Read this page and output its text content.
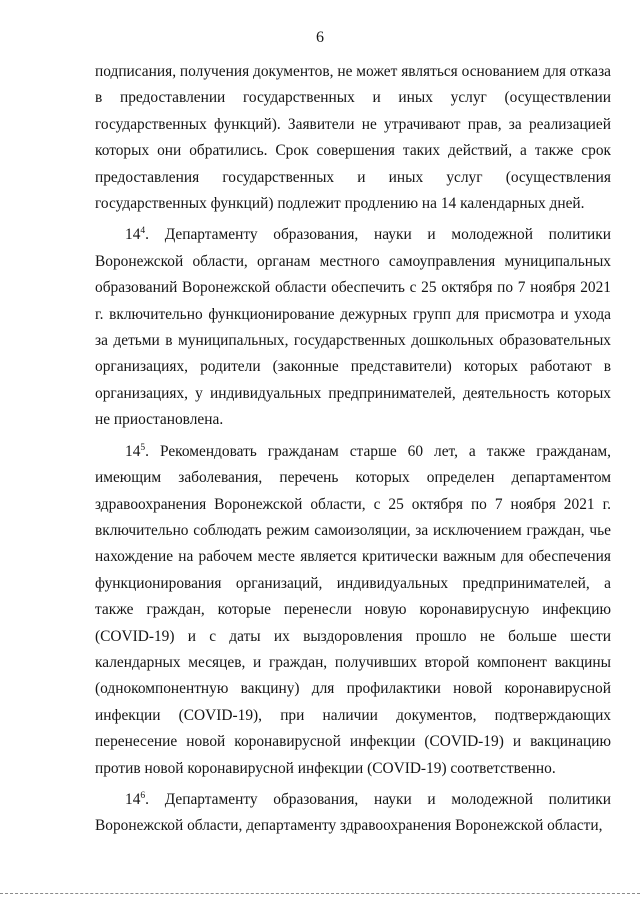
6

подписания, получения документов, не может являться основанием для отказа в предоставлении государственных и иных услуг (осуществлении государственных функций). Заявители не утрачивают прав, за реализацией которых они обратились. Срок совершения таких действий, а также срок предоставления государственных и иных услуг (осуществления государственных функций) подлежит продлению на 14 календарных дней.

$14^4$. Департаменту образования, науки и молодежной политики Воронежской области, органам местного самоуправления муниципальных образований Воронежской области обеспечить с 25 октября по 7 ноября 2021 г. включительно функционирование дежурных групп для присмотра и ухода за детьми в муниципальных, государственных дошкольных образовательных организациях, родители (законные представители) которых работают в организациях, у индивидуальных предпринимателей, деятельность которых не приостановлена.

$14^5$. Рекомендовать гражданам старше 60 лет, а также гражданам, имеющим заболевания, перечень которых определен департаментом здравоохранения Воронежской области, с 25 октября по 7 ноября 2021 г. включительно соблюдать режим самоизоляции, за исключением граждан, чье нахождение на рабочем месте является критически важным для обеспечения функционирования организаций, индивидуальных предпринимателей, а также граждан, которые перенесли новую коронавирусную инфекцию (COVID-19) и с даты их выздоровления прошло не больше шести календарных месяцев, и граждан, получивших второй компонент вакцины (однокомпонентную вакцину) для профилактики новой коронавирусной инфекции (COVID-19), при наличии документов, подтверждающих перенесение новой коронавирусной инфекции (COVID-19) и вакцинацию против новой коронавирусной инфекции (COVID-19) соответственно.

$14^6$. Департаменту образования, науки и молодежной политики Воронежской области, департаменту здравоохранения Воронежской области,
